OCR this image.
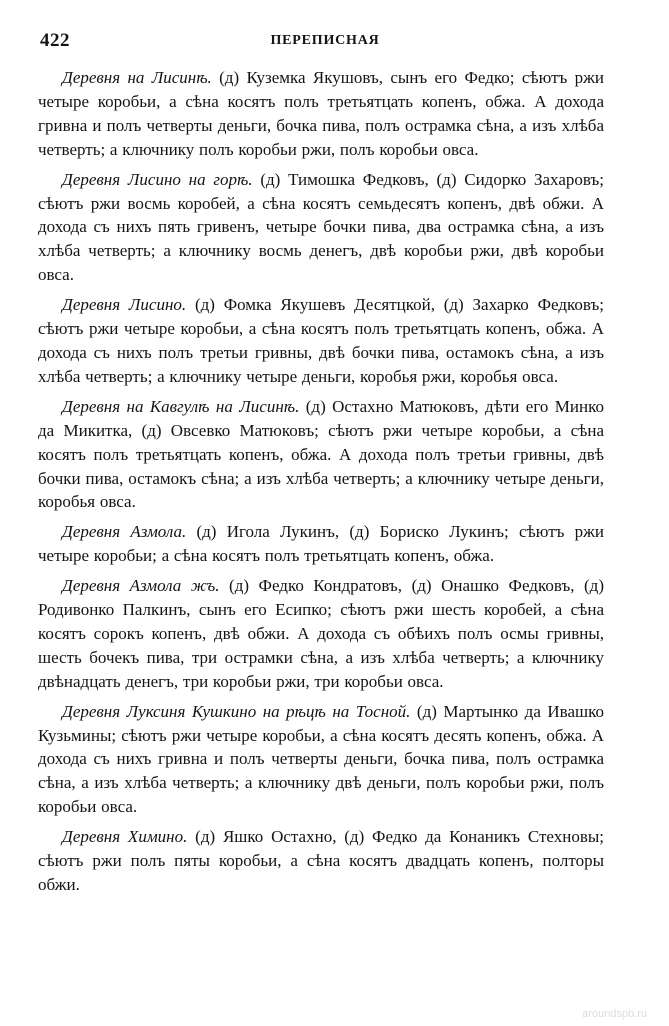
422	ПЕРЕПИСНАЯ

Деревня на Лисинѣ. (д) Куземка Якушовъ, сынъ его Федко; сѣютъ ржи четыре коробьи, а сѣна косятъ полъ третьятцать копенъ, обжа. А дохода гривна и полъ четверты деньги, бочка пива, полъ острамка сѣна, а изъ хлѣба четверть; а ключнику полъ коробьи ржи, полъ коробьи овса.

Деревня Лисино на горѣ. (д) Тимошка Федковъ, (д) Сидорко Захаровъ; сѣютъ ржи восмь коробей, а сѣна косятъ семьдесятъ копенъ, двѣ обжи. А дохода съ нихъ пять гривенъ, четыре бочки пива, два острамка сѣна, а изъ хлѣба четверть; а ключнику восмь денегъ, двѣ коробьи ржи, двѣ коробьи овса.

Деревня Лисино. (д) Фомка Якушевъ Десятцкой, (д) Захарко Федковъ; сѣютъ ржи четыре коробьи, а сѣна косятъ полъ третьятцать копенъ, обжа. А дохода съ нихъ полъ третьи гривны, двѣ бочки пива, остамокъ сѣна, а изъ хлѣба четверть; а ключнику четыре деньги, коробья ржи, коробья овса.

Деревня на Кавгулѣ на Лисинѣ. (д) Остахно Матюковъ, дѣти его Минко да Микитка, (д) Овсевко Матюковъ; сѣютъ ржи четыре коробьи, а сѣна косятъ полъ третьятцать копенъ, обжа. А дохода полъ третьи гривны, двѣ бочки пива, остамокъ сѣна; а изъ хлѣба четверть; а ключнику четыре деньги, коробья овса.

Деревня Азмола. (д) Игола Лукинъ, (д) Бориско Лукинъ; сѣютъ ржи четыре коробьи; а сѣна косятъ полъ третьятцать копенъ, обжа.

Деревня Азмола жъ. (д) Федко Кондратовъ, (д) Онашко Федковъ, (д) Родивонко Палкинъ, сынъ его Есипко; сѣютъ ржи шесть коробей, а сѣна косятъ сорокъ копенъ, двѣ обжи. А дохода съ обѣихъ полъ осмы гривны, шесть бочекъ пива, три острамки сѣна, а изъ хлѣба четверть; а ключнику двѣнадцать денегъ, три коробьи ржи, три коробьи овса.

Деревня Луксиня Кушкино на рѣцѣ на Тосной. (д) Мартынко да Ивашко Кузьмины; сѣютъ ржи четыре коробьи, а сѣна косятъ десять копенъ, обжа. А дохода съ нихъ гривна и полъ четверты деньги, бочка пива, полъ острамка сѣна, а изъ хлѣба четверть; а ключнику двѣ деньги, полъ коробьи ржи, полъ коробьи овса.

Деревня Химино. (д) Яшко Остахно, (д) Федко да Конаникъ Стехновы; сѣютъ ржи полъ пяты коробьи, а сѣна косятъ двадцать копенъ, полторы обжи.

aroundspb.ru
